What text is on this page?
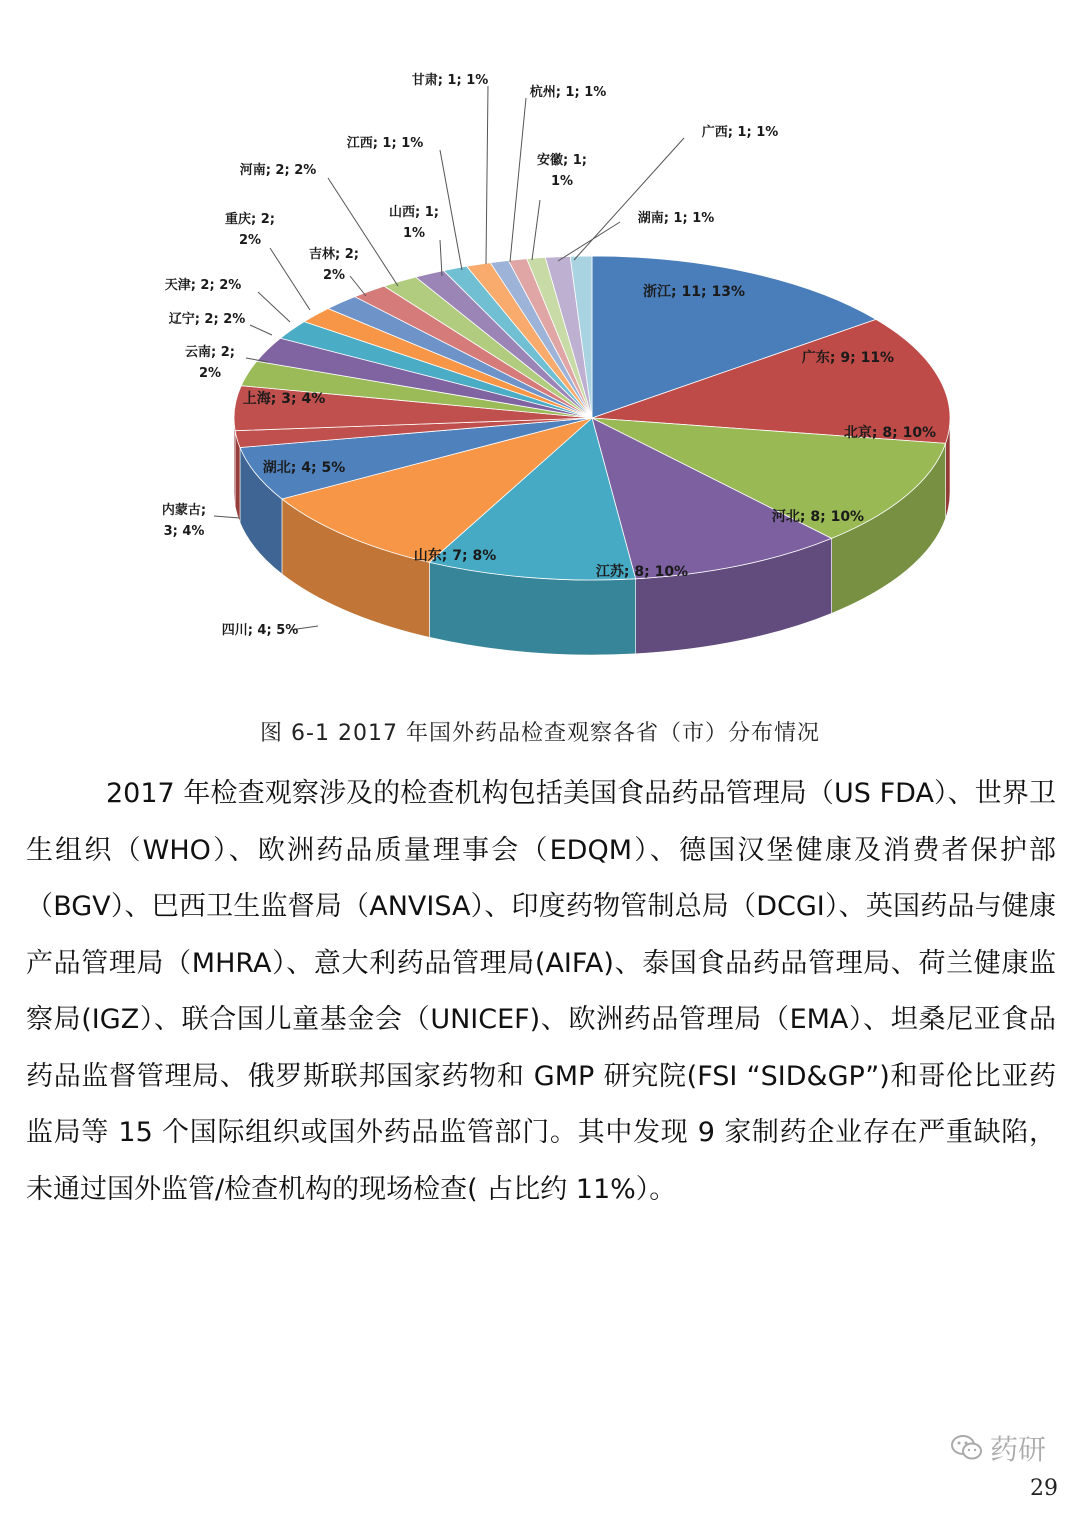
浙江; 11; 13%
广东; 9; 11%
北京; 8; 10%
河北; 8; 10%
江苏; 8; 10%
山东; 7; 8%
四川; 4; 5%
内蒙古; 3; 4%
湖北; 4; 5%
上海; 3; 4%
云南; 2; 2%
辽宁; 2; 2%
天津; 2; 2%
重庆; 2; 2%
吉林; 2; 2%
河南; 2; 2%
山西; 1; 1%
江西; 1; 1%
甘肃; 1; 1%
杭州; 1; 1%
安徽; 1; 1%
湖南; 1; 1%
广西; 1; 1%
图 6-1 2017 年国外药品检查观察各省（市）分布情况

2017 年检查观察涉及的检查机构包括美国食品药品管理局（US FDA）、世界卫生组织（WHO）、欧洲药品质量理事会（EDQM）、德国汉堡健康及消费者保护部（BGV）、巴西卫生监督局（ANVISA）、印度药物管制总局（DCGI）、英国药品与健康产品管理局（MHRA）、意大利药品管理局(AIFA)、泰国食品药品管理局、荷兰健康监察局(IGZ）、联合国儿童基金会（UNICEF)、欧洲药品管理局（EMA）、坦桑尼亚食品药品监督管理局、俄罗斯联邦国家药物和 GMP 研究院(FSI “SID&GP”)和哥伦比亚药监局等 15 个国际组织或国外药品监管部门。其中发现 9 家制药企业存在严重缺陷，未通过国外监管/检查机构的现场检查( 占比约 11%）。

药研
29
